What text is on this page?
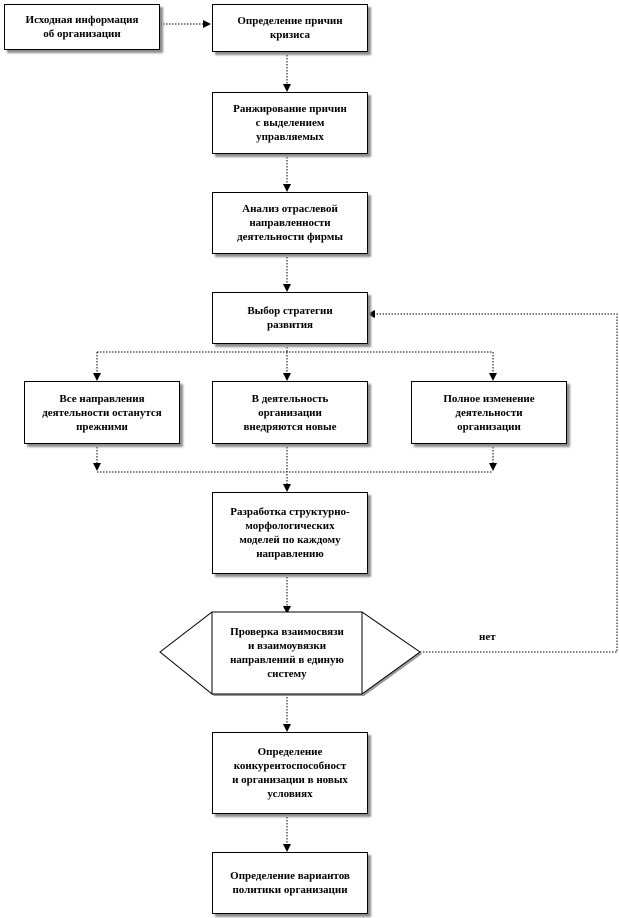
Исходная информация
об организации
Определение причин
кризиса
Ранжирование причин
с выделением
управляемых
Анализ отраслевой
направленности
деятельности фирмы
Выбор стратегии
развития
Все направления
деятельности останутся
прежними
В деятельность
организации
внедряются новые
Полное изменение
деятельности
организации
Разработка структурно-
морфологических
моделей по каждому
направлению
Проверка взаимосвязи
и взаимоувязки
направлений в единую
систему
нет
Определение
конкурентоспособност
и организации в новых
условиях
Определение вариантов
политики организации
